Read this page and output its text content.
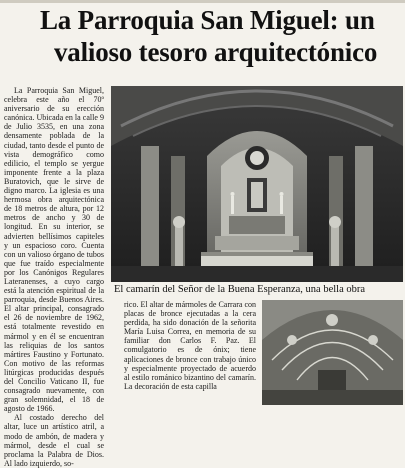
La Parroquia San Miguel: un
valioso tesoro arquitectónico

La Parroquia San Miguel, celebra este año el 70º aniversario de su erección canónica. Ubicada en la calle 9 de Julio 3535, en una zona densamente poblada de la ciudad, tanto desde el punto de vista demográfico como edilicio, el templo se yergue imponente frente a la plaza Buratovich, que le sirve de digno marco. La iglesia es una hermosa obra arquitectónica de 18 metros de altura, por 12 metros de ancho y 30 de longitud. En su interior, se advierten bellísimos capiteles y un espacioso coro. Cuenta con un valioso órgano de tubos que fue traído especialmente por los Canónigos Regulares Lateranenses, a cuyo cargo está la atención espiritual de la parroquia, desde Buenos Aires. El altar principal, consagrado el 26 de noviembre de 1962, está totalmente revestido en mármol y en él se encuentran las reliquias de los santos mártires Faustino y Fortunato. Con motivo de las reformas litúrgicas producidas después del Concilio Vaticano II, fue consagrado nuevamente, con gran solemnidad, el 18 de agosto de 1966.

Al costado derecho del altar, luce un artístico atril, a modo de ambón, de madera y mármol, desde el cual se proclama la Palabra de Dios. Al lado izquierdo, so-

El camarín del Señor de la Buena Esperanza, una bella obra

rico. El altar de mármoles de Carrara con placas de bronce ejecutadas a la cera perdida, ha sido donación de la señorita María Luisa Correa, en memoria de su familiar don Carlos F. Paz. El comulgatorio es de ónix; tiene aplicaciones de bronce con trabajo único y especialmente proyectado de acuerdo al estilo románico bizantino del camarín. La decoración de esta capilla
